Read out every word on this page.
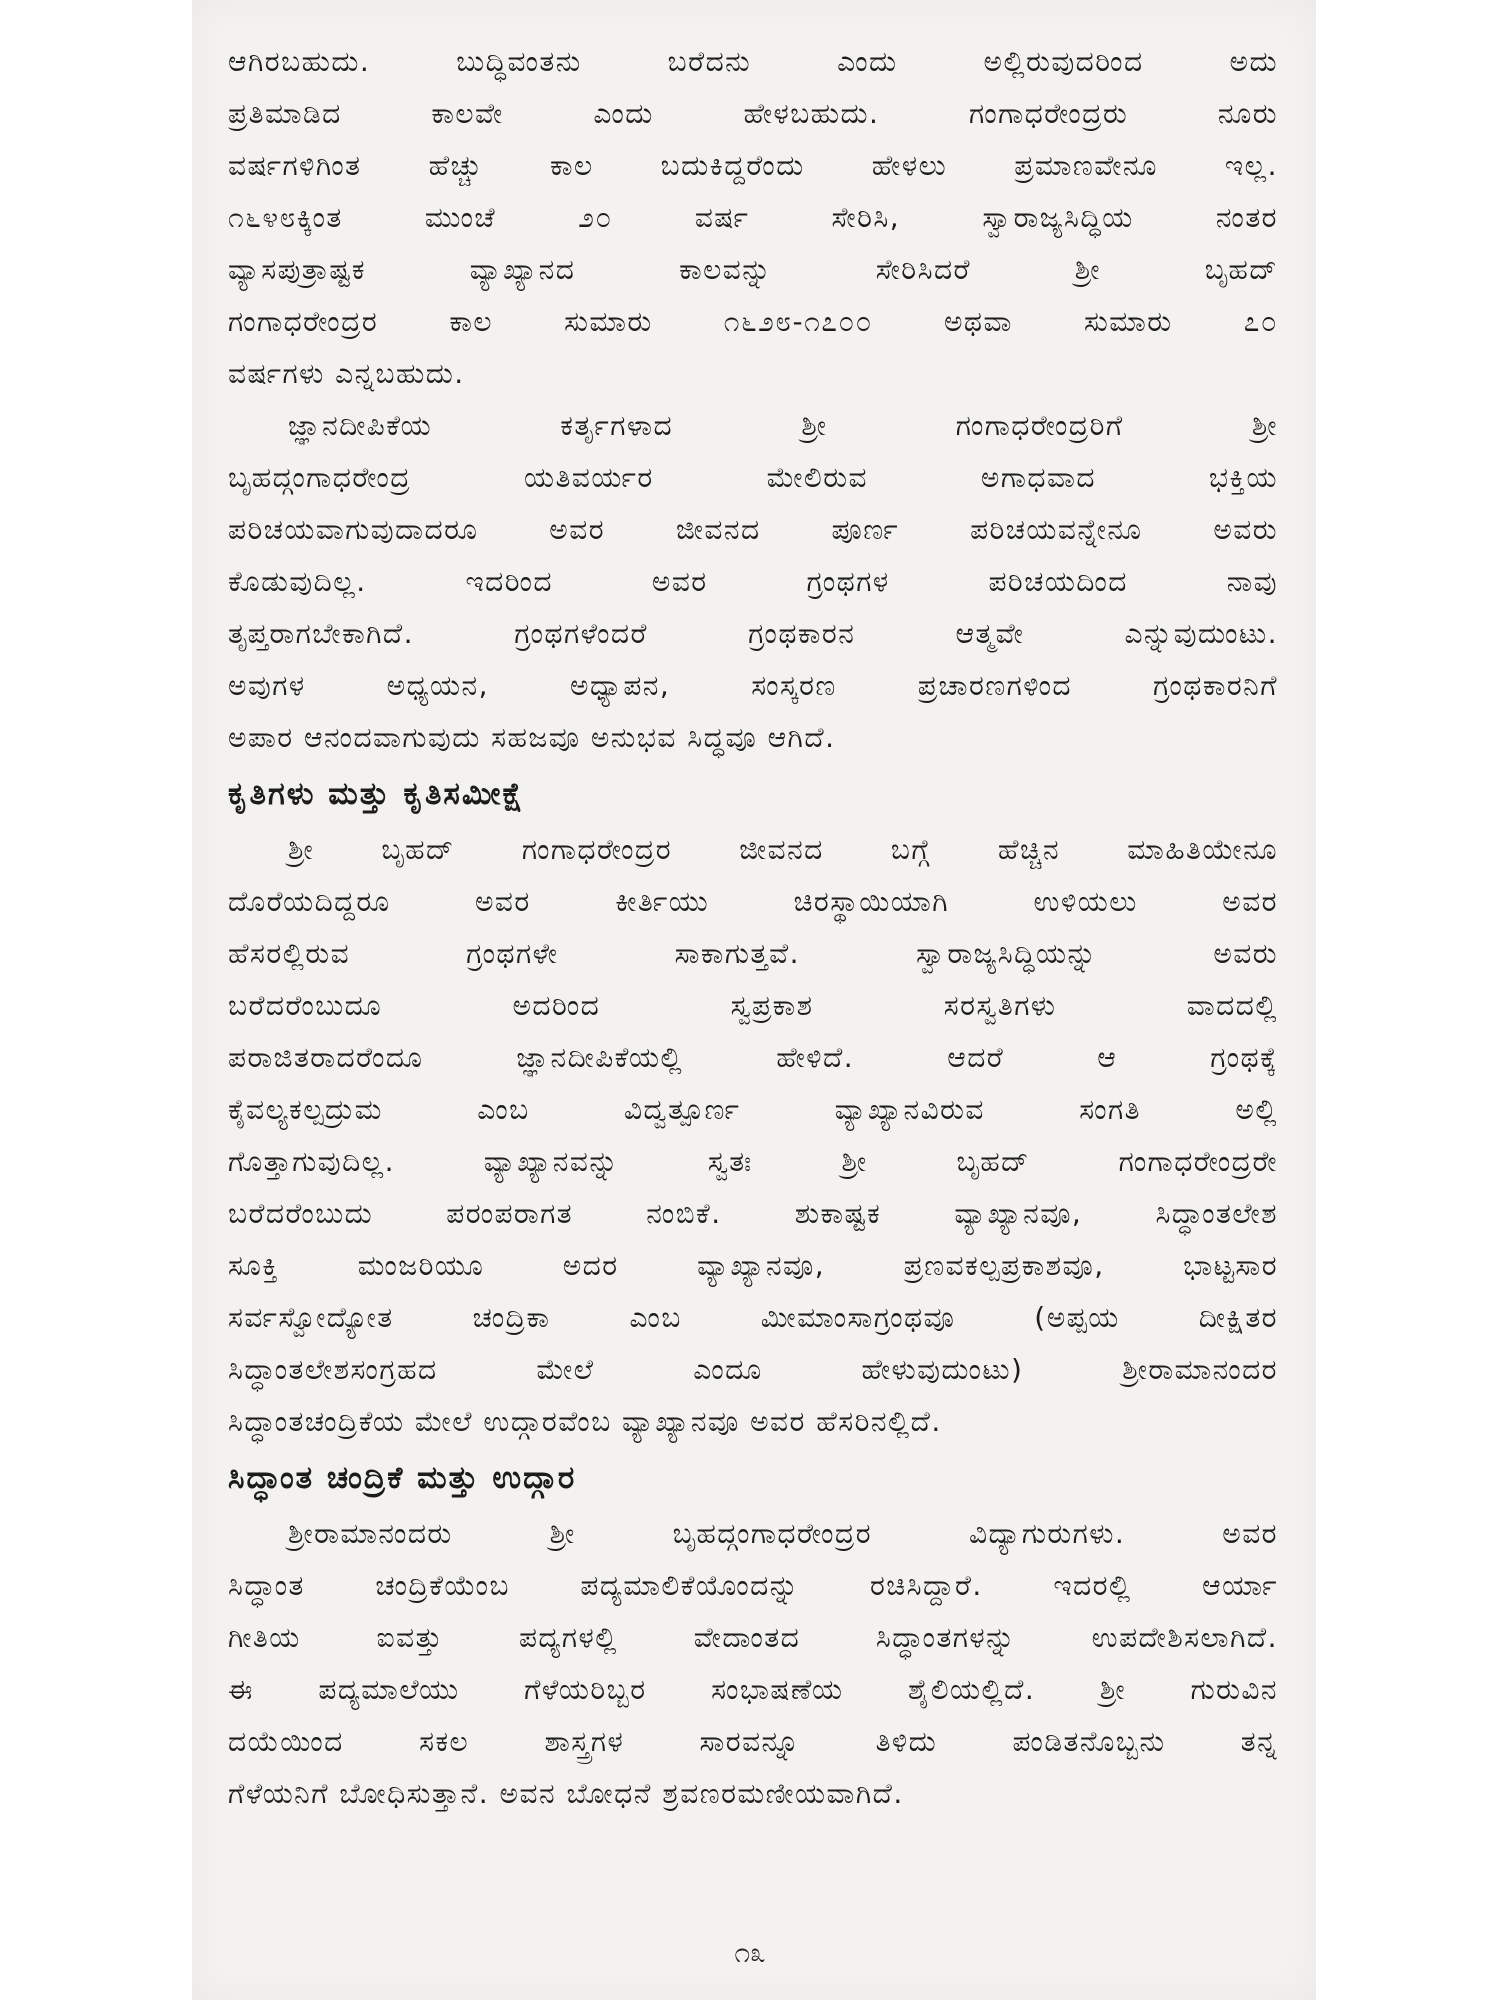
ಆಗಿರಬಹುದು. ಬುದ್ಧಿವಂತನು ಬರೆದನು ಎಂದು ಅಲ್ಲಿರುವುದರಿಂದ ಅದು
ಪ್ರತಿಮಾಡಿದ ಕಾಲವೇ ಎಂದು ಹೇಳಬಹುದು. ಗಂಗಾಧರೇಂದ್ರರು ನೂರು
ವರ್ಷಗಳಿಗಿಂತ ಹೆಚ್ಚು ಕಾಲ ಬದುಕಿದ್ದರೆಂದು ಹೇಳಲು ಪ್ರಮಾಣವೇನೂ ಇಲ್ಲ.
೧೬೪೮ಕ್ಕಿಂತ ಮುಂಚೆ ೨೦ ವರ್ಷ ಸೇರಿಸಿ, ಸ್ವಾರಾಜ್ಯಸಿದ್ಧಿಯ ನಂತರ
ವ್ಯಾಸಪುತ್ರಾಷ್ಟಕ ವ್ಯಾಖ್ಯಾನದ ಕಾಲವನ್ನು ಸೇರಿಸಿದರೆ ಶ್ರೀ ಬೃಹದ್
ಗಂಗಾಧರೇಂದ್ರರ ಕಾಲ ಸುಮಾರು ೧೬೨೮-೧೭೦೦ ಅಥವಾ ಸುಮಾರು ೭೦
ವರ್ಷಗಳು ಎನ್ನಬಹುದು.
ಜ್ಞಾನದೀಪಿಕೆಯ ಕರ್ತೃಗಳಾದ ಶ್ರೀ ಗಂಗಾಧರೇಂದ್ರರಿಗೆ ಶ್ರೀ
ಬೃಹದ್ಗಂಗಾಧರೇಂದ್ರ ಯತಿವರ್ಯರ ಮೇಲಿರುವ ಅಗಾಧವಾದ ಭಕ್ತಿಯ
ಪರಿಚಯವಾಗುವುದಾದರೂ ಅವರ ಜೀವನದ ಪೂರ್ಣ ಪರಿಚಯವನ್ನೇನೂ ಅವರು
ಕೊಡುವುದಿಲ್ಲ. ಇದರಿಂದ ಅವರ ಗ್ರಂಥಗಳ ಪರಿಚಯದಿಂದ ನಾವು
ತೃಪ್ತರಾಗಬೇಕಾಗಿದೆ. ಗ್ರಂಥಗಳೆಂದರೆ ಗ್ರಂಥಕಾರನ ಆತ್ಮವೇ ಎನ್ನುವುದುಂಟು.
ಅವುಗಳ ಅಧ್ಯಯನ, ಅಧ್ಯಾಪನ, ಸಂಸ್ಕರಣ ಪ್ರಚಾರಣಗಳಿಂದ ಗ್ರಂಥಕಾರನಿಗೆ
ಅಪಾರ ಆನಂದವಾಗುವುದು ಸಹಜವೂ ಅನುಭವ ಸಿದ್ಧವೂ ಆಗಿದೆ.
ಕೃತಿಗಳು ಮತ್ತು ಕೃತಿಸಮೀಕ್ಷೆ
ಶ್ರೀ ಬೃಹದ್ ಗಂಗಾಧರೇಂದ್ರರ ಜೀವನದ ಬಗ್ಗೆ ಹೆಚ್ಚಿನ ಮಾಹಿತಿಯೇನೂ
ದೊರೆಯದಿದ್ದರೂ ಅವರ ಕೀರ್ತಿಯು ಚಿರಸ್ಥಾಯಿಯಾಗಿ ಉಳಿಯಲು ಅವರ
ಹೆಸರಲ್ಲಿರುವ ಗ್ರಂಥಗಳೇ ಸಾಕಾಗುತ್ತವೆ. ಸ್ವಾರಾಜ್ಯಸಿದ್ಧಿಯನ್ನು ಅವರು
ಬರೆದರೆಂಬುದೂ ಅದರಿಂದ ಸ್ವಪ್ರಕಾಶ ಸರಸ್ವತಿಗಳು ವಾದದಲ್ಲಿ
ಪರಾಜಿತರಾದರೆಂದೂ ಜ್ಞಾನದೀಪಿಕೆಯಲ್ಲಿ ಹೇಳಿದೆ. ಆದರೆ ಆ ಗ್ರಂಥಕ್ಕೆ
ಕೈವಲ್ಯಕಲ್ಪದ್ರುಮ ಎಂಬ ವಿದ್ವತ್ಪೂರ್ಣ ವ್ಯಾಖ್ಯಾನವಿರುವ ಸಂಗತಿ ಅಲ್ಲಿ
ಗೊತ್ತಾಗುವುದಿಲ್ಲ. ವ್ಯಾಖ್ಯಾನವನ್ನು ಸ್ವತಃ ಶ್ರೀ ಬೃಹದ್ ಗಂಗಾಧರೇಂದ್ರರೇ
ಬರೆದರೆಂಬುದು ಪರಂಪರಾಗತ ನಂಬಿಕೆ. ಶುಕಾಷ್ಟಕ ವ್ಯಾಖ್ಯಾನವೂ, ಸಿದ್ಧಾಂತಲೇಶ
ಸೂಕ್ತಿ ಮಂಜರಿಯೂ ಅದರ ವ್ಯಾಖ್ಯಾನವೂ, ಪ್ರಣವಕಲ್ಪಪ್ರಕಾಶವೂ, ಭಾಟ್ಟಸಾರ
ಸರ್ವಸ್ವೋದ್ಯೋತ ಚಂದ್ರಿಕಾ ಎಂಬ ಮೀಮಾಂಸಾಗ್ರಂಥವೂ (ಅಪ್ಪಯ ದೀಕ್ಷಿತರ
ಸಿದ್ಧಾಂತಲೇಶಸಂಗ್ರಹದ ಮೇಲೆ ಎಂದೂ ಹೇಳುವುದುಂಟು) ಶ್ರೀರಾಮಾನಂದರ
ಸಿದ್ಧಾಂತಚಂದ್ರಿಕೆಯ ಮೇಲೆ ಉದ್ಗಾರವೆಂಬ ವ್ಯಾಖ್ಯಾನವೂ ಅವರ ಹೆಸರಿನಲ್ಲಿದೆ.
ಸಿದ್ಧಾಂತ ಚಂದ್ರಿಕೆ ಮತ್ತು ಉದ್ಗಾರ
ಶ್ರೀರಾಮಾನಂದರು ಶ್ರೀ ಬೃಹದ್ಗಂಗಾಧರೇಂದ್ರರ ವಿದ್ಯಾಗುರುಗಳು. ಅವರ
ಸಿದ್ಧಾಂತ ಚಂದ್ರಿಕೆಯೆಂಬ ಪದ್ಯಮಾಲಿಕೆಯೊಂದನ್ನು ರಚಿಸಿದ್ದಾರೆ. ಇದರಲ್ಲಿ ಆರ್ಯಾ
ಗೀತಿಯ ಐವತ್ತು ಪದ್ಯಗಳಲ್ಲಿ ವೇದಾಂತದ ಸಿದ್ಧಾಂತಗಳನ್ನು ಉಪದೇಶಿಸಲಾಗಿದೆ.
ಈ ಪದ್ಯಮಾಲೆಯು ಗೆಳೆಯರಿಬ್ಬರ ಸಂಭಾಷಣೆಯ ಶೈಲಿಯಲ್ಲಿದೆ. ಶ್ರೀ ಗುರುವಿನ
ದಯೆಯಿಂದ ಸಕಲ ಶಾಸ್ತ್ರಗಳ ಸಾರವನ್ನೂ ತಿಳಿದು ಪಂಡಿತನೊಬ್ಬನು ತನ್ನ
ಗೆಳೆಯನಿಗೆ ಬೋಧಿಸುತ್ತಾನೆ. ಅವನ ಬೋಧನೆ ಶ್ರವಣರಮಣೀಯವಾಗಿದೆ.
೧೩
